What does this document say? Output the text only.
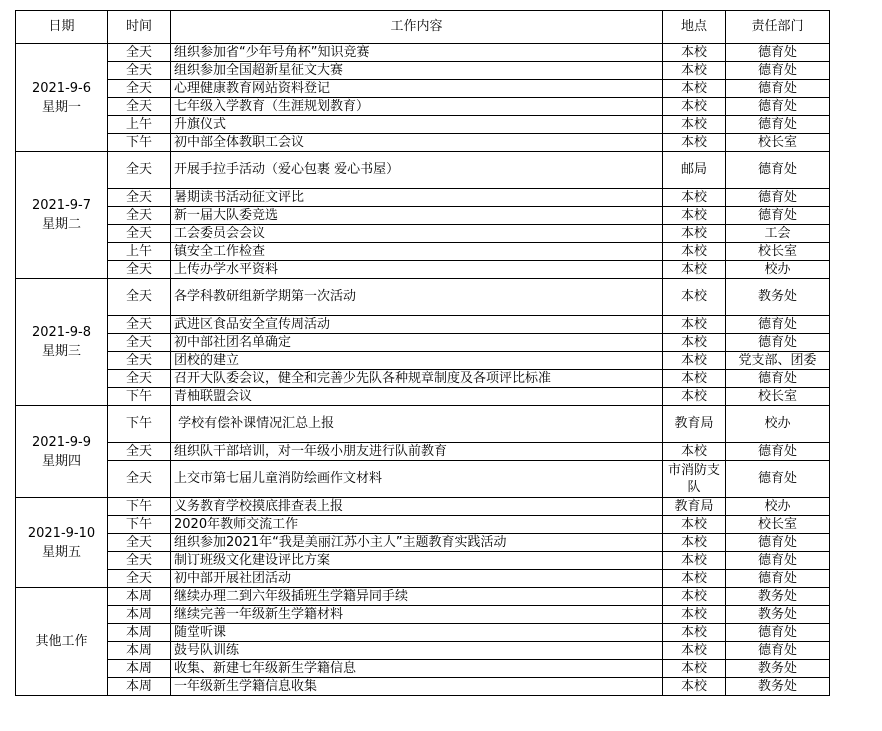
日期	时间	工作内容	地点	责任部门

2021-9-6
星期一	全天	组织参加省“少年号角杯”知识竞赛	本校	德育处
	全天	组织参加全国超新星征文大赛	本校	德育处
	全天	心理健康教育网站资料登记	本校	德育处
	全天	七年级入学教育（生涯规划教育）	本校	德育处
	上午	升旗仪式	本校	德育处
	下午	初中部全体教职工会议	本校	校长室

2021-9-7
星期二	全天	开展手拉手活动（爱心包裹 爱心书屋）	邮局	德育处
	全天	暑期读书活动征文评比	本校	德育处
	全天	新一届大队委竞选	本校	德育处
	全天	工会委员会会议	本校	工会
	上午	镇安全工作检查	本校	校长室
	全天	上传办学水平资料	本校	校办

2021-9-8
星期三	全天	各学科教研组新学期第一次活动	本校	教务处
	全天	武进区食品安全宣传周活动	本校	德育处
	全天	初中部社团名单确定	本校	德育处
	全天	团校的建立	本校	党支部、团委
	全天	召开大队委会议，健全和完善少先队各种规章制度及各项评比标准	本校	德育处
	下午	青柚联盟会议	本校	校长室

2021-9-9
星期四	下午	学校有偿补课情况汇总上报	教育局	校办
	全天	组织队干部培训，对一年级小朋友进行队前教育	本校	德育处
	全天	上交市第七届儿童消防绘画作文材料	市消防支队	德育处

2021-9-10
星期五	下午	义务教育学校摸底排查表上报	教育局	校办
	下午	2020年教师交流工作	本校	校长室
	全天	组织参加2021年“我是美丽江苏小主人”主题教育实践活动	本校	德育处
	全天	制订班级文化建设评比方案	本校	德育处
	全天	初中部开展社团活动	本校	德育处

其他工作	本周	继续办理二到六年级插班生学籍异同手续	本校	教务处
	本周	继续完善一年级新生学籍材料	本校	教务处
	本周	随堂听课	本校	德育处
	本周	鼓号队训练	本校	德育处
	本周	收集、新建七年级新生学籍信息	本校	教务处
	本周	一年级新生学籍信息收集	本校	教务处
